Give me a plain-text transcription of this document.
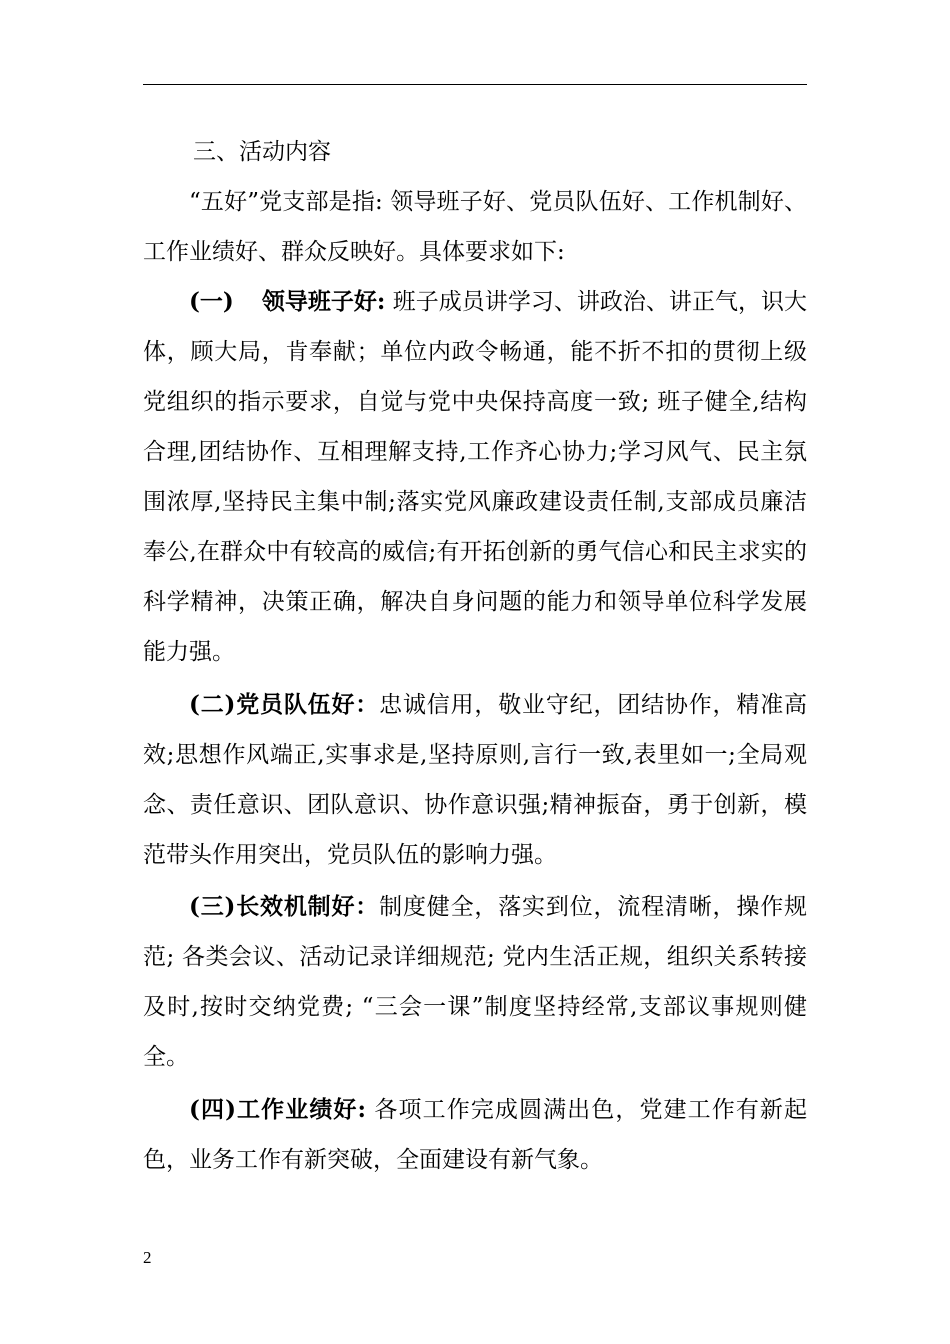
三、活动内容

“五好”党支部是指: 领导班子好、党员队伍好、工作机制好、工作业绩好、群众反映好。具体要求如下:

(一) 领导班子好: 班子成员讲学习、讲政治、讲正气，识大体，顾大局，肯奉献；单位内政令畅通，能不折不扣的贯彻上级党组织的指示要求，自觉与党中央保持高度一致; 班子健全,结构合理,团结协作、互相理解支持,工作齐心协力;学习风气、民主氛围浓厚,坚持民主集中制;落实党风廉政建设责任制,支部成员廉洁奉公,在群众中有较高的威信;有开拓创新的勇气信心和民主求实的科学精神，决策正确，解决自身问题的能力和领导单位科学发展能力强。

(二)党员队伍好：忠诚信用，敬业守纪，团结协作，精准高效;思想作风端正,实事求是,坚持原则,言行一致,表里如一;全局观念、责任意识、团队意识、协作意识强;精神振奋，勇于创新，模范带头作用突出，党员队伍的影响力强。

(三)长效机制好：制度健全，落实到位，流程清晰，操作规范; 各类会议、活动记录详细规范; 党内生活正规，组织关系转接及时,按时交纳党费; “三会一课”制度坚持经常,支部议事规则健全。

(四)工作业绩好: 各项工作完成圆满出色，党建工作有新起色，业务工作有新突破，全面建设有新气象。

2
